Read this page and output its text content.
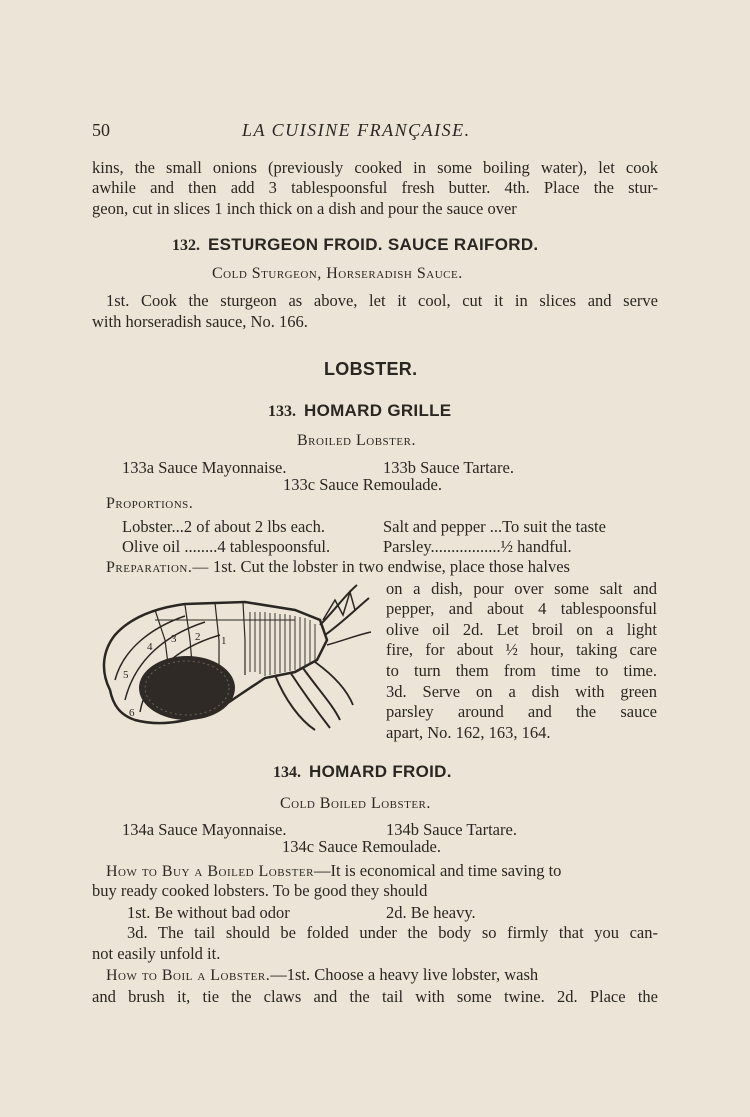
50	LA CUISINE FRANÇAISE.
kins, the small onions (previously cooked in some boiling water), let cook
awhile and then add 3 tablespoonsful fresh butter. 4th. Place the stur-
geon, cut in slices 1 inch thick on a dish and pour the sauce over
132. ESTURGEON FROID. SAUCE RAIFORD.
Cold Sturgeon, Horseradish Sauce.
1st. Cook the sturgeon as above, let it cool, cut it in slices and serve
with horseradish sauce, No. 166.
LOBSTER.
133. HOMARD GRILLE
Broiled Lobster.
133a Sauce Mayonnaise.	133b Sauce Tartare.
133c Sauce Remoulade.
Proportions.
Lobster...2 of about 2 lbs each.	Salt and pepper ...To suit the taste
Olive oil ........4 tablespoonsful.	Parsley.................½ handful.
Preparation.— 1st. Cut the lobster in two endwise, place those halves
on a dish, pour over some salt and
pepper, and about 4 tablespoonsful
olive oil 2d. Let broil on a light
fire, for about ½ hour, taking care
to turn them from time to time.
3d. Serve on a dish with green
parsley around and the sauce
apart, No. 162, 163, 164.
3 2 1
4
5
6
134. HOMARD FROID.
Cold Boiled Lobster.
134a Sauce Mayonnaise.	134b Sauce Tartare.
134c Sauce Remoulade.
How to Buy a Boiled Lobster—It is economical and time saving to
buy ready cooked lobsters. To be good they should
1st. Be without bad odor	2d. Be heavy.
3d. The tail should be folded under the body so firmly that you can-
not easily unfold it.
How to Boil a Lobster.—1st. Choose a heavy live lobster, wash
and brush it, tie the claws and the tail with some twine. 2d. Place the
